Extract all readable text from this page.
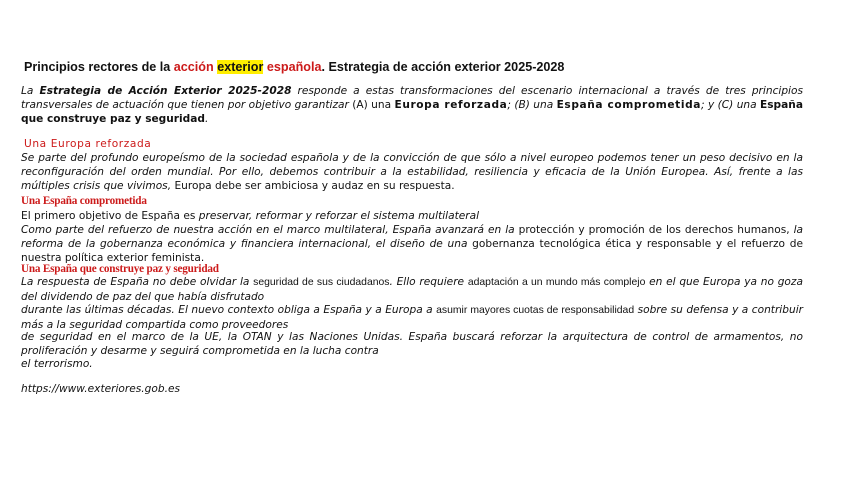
Principios rectores de la acción exterior española. Estrategia de acción exterior 2025-2028

La Estrategia de Acción Exterior 2025-2028 responde a estas transformaciones del escenario internacional a través de tres principios transversales de actuación que tienen por objetivo garantizar (A) una Europa reforzada; (B) una España comprometida; y (C) una España que construye paz y seguridad.

Una Europa reforzada

Se parte del profundo europeísmo de la sociedad española y de la convicción de que sólo a nivel europeo podemos tener un peso decisivo en la reconfiguración del orden mundial. Por ello, debemos contribuir a la estabilidad, resiliencia y eficacia de la Unión Europea. Así, frente a las múltiples crisis que vivimos, Europa debe ser ambiciosa y audaz en su respuesta.

Una España comprometida

El primero objetivo de España es preservar, reformar y reforzar el sistema multilateral

Como parte del refuerzo de nuestra acción en el marco multilateral, España avanzará en la protección y promoción de los derechos humanos, la reforma de la gobernanza económica y financiera internacional, el diseño de una gobernanza tecnológica ética y responsable y el refuerzo de nuestra política exterior feminista.

Una España que construye paz y seguridad

La respuesta de España no debe olvidar la seguridad de sus ciudadanos. Ello requiere adaptación a un mundo más complejo en el que Europa ya no goza del dividendo de paz del que había disfrutado

durante las últimas décadas. El nuevo contexto obliga a España y a Europa a asumir mayores cuotas de responsabilidad sobre su defensa y a contribuir más a la seguridad compartida como proveedores

de seguridad en el marco de la UE, la OTAN y las Naciones Unidas. España buscará reforzar la arquitectura de control de armamentos, no proliferación y desarme y seguirá comprometida en la lucha contra

el terrorismo.

https://www.exteriores.gob.es
